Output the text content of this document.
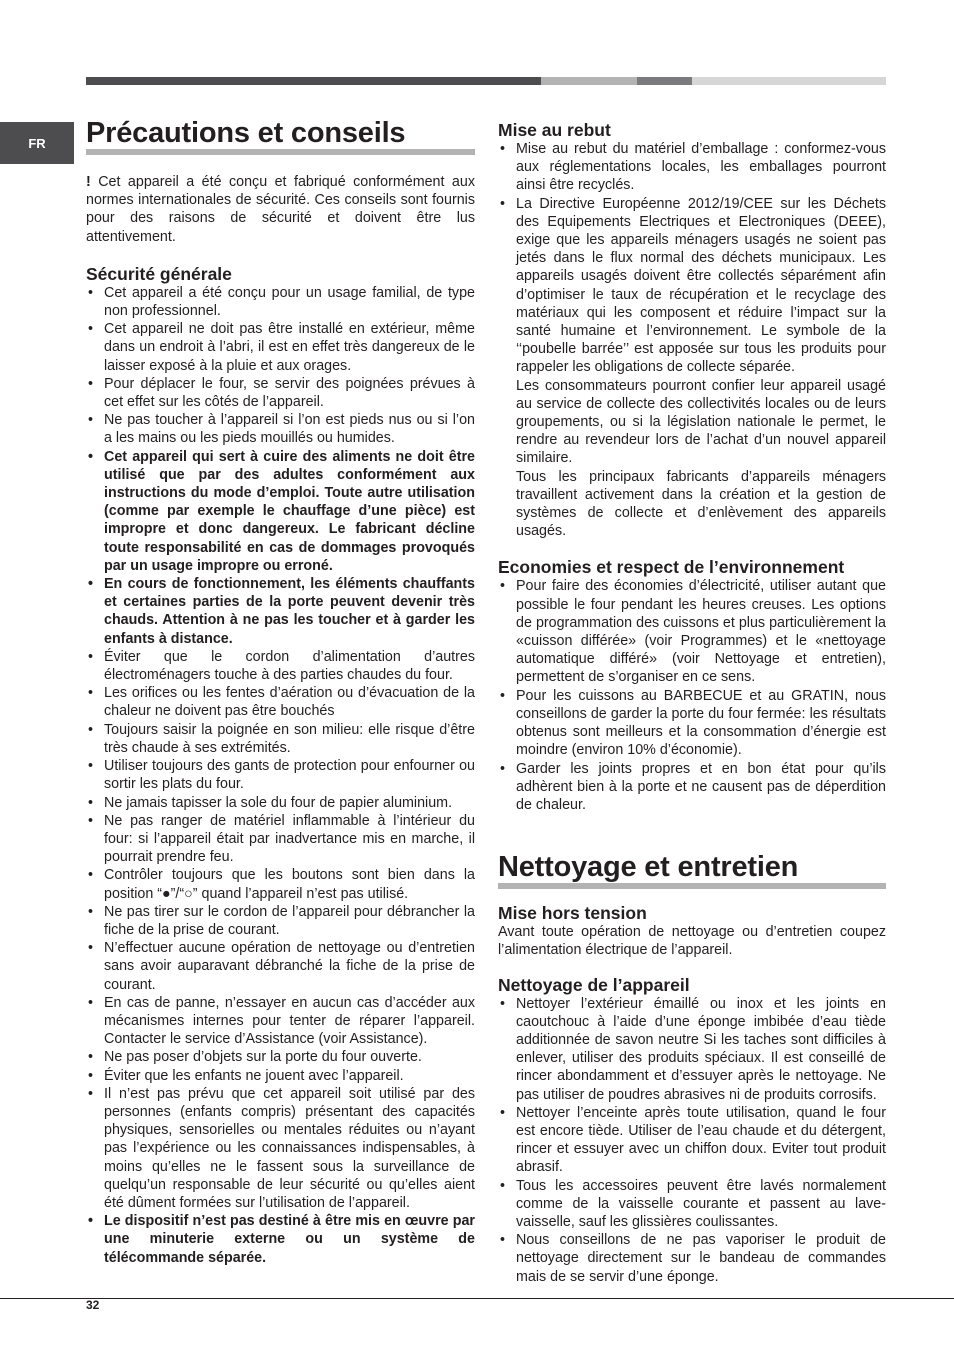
FR	Précautions et conseils

! Cet appareil a été conçu et fabriqué conformément aux normes internationales de sécurité. Ces conseils sont fournis pour des raisons de sécurité et doivent être lus attentivement.

Sécurité générale
• Cet appareil a été conçu pour un usage familial, de type non professionnel.
• Cet appareil ne doit pas être installé en extérieur, même dans un endroit à l’abri, il est en effet très dangereux de le laisser exposé à la pluie et aux orages.
• Pour déplacer le four, se servir des poignées prévues à cet effet sur les côtés de l’appareil.
• Ne pas toucher à l’appareil si l’on est pieds nus ou si l’on a les mains ou les pieds mouillés ou humides.
• Cet appareil qui sert à cuire des aliments ne doit être utilisé que par des adultes conformément aux instructions du mode d’emploi. Toute autre utilisation (comme par exemple le chauffage d’une pièce) est impropre et donc dangereux. Le fabricant décline toute responsabilité en cas de dommages provoqués par un usage impropre ou erroné.
• En cours de fonctionnement, les éléments chauffants et certaines parties de la porte peuvent devenir très chauds. Attention à ne pas les toucher et à garder les enfants à distance.
• Éviter que le cordon d’alimentation d’autres électroménagers touche à des parties chaudes du four.
• Les orifices ou les fentes d’aération ou d’évacuation de la chaleur ne doivent pas être bouchés
• Toujours saisir la poignée en son milieu: elle risque d’être très chaude à ses extrémités.
• Utiliser toujours des gants de protection pour enfourner ou sortir les plats du four.
• Ne jamais tapisser la sole du four de papier aluminium.
• Ne pas ranger de matériel inflammable à l’intérieur du four: si l’appareil était par inadvertance mis en marche, il pourrait prendre feu.
• Contrôler toujours que les boutons sont bien dans la position “●”/“○” quand l’appareil n’est pas utilisé.
• Ne pas tirer sur le cordon de l’appareil pour débrancher la fiche de la prise de courant.
• N’effectuer aucune opération de nettoyage ou d’entretien sans avoir auparavant débranché la fiche de la prise de courant.
• En cas de panne, n’essayer en aucun cas d’accéder aux mécanismes internes pour tenter de réparer l’appareil. Contacter le service d’Assistance (voir Assistance).
• Ne pas poser d’objets sur la porte du four ouverte.
• Éviter que les enfants ne jouent avec l’appareil.
• Il n’est pas prévu que cet appareil soit utilisé par des personnes (enfants compris) présentant des capacités physiques, sensorielles ou mentales réduites ou n’ayant pas l’expérience ou les connaissances indispensables, à moins qu’elles ne le fassent sous la surveillance de quelqu’un responsable de leur sécurité ou qu’elles aient été dûment formées sur l’utilisation de l’appareil.
• Le dispositif n’est pas destiné à être mis en œuvre par une minuterie externe ou un système de télécommande séparée.
Mise au rebut
• Mise au rebut du matériel d’emballage : conformez-vous aux réglementations locales, les emballages pourront ainsi être recyclés.
• La Directive Européenne 2012/19/CEE sur les Déchets des Equipements Electriques et Electroniques (DEEE), exige que les appareils ménagers usagés ne soient pas jetés dans le flux normal des déchets municipaux. Les appareils usagés doivent être collectés séparément afin d’optimiser le taux de récupération et le recyclage des matériaux qui les composent et réduire l’impact sur la santé humaine et l’environnement. Le symbole de la ‘‘poubelle barrée’’ est apposée sur tous les produits pour rappeler les obligations de collecte séparée.

Les consommateurs pourront confier leur appareil usagé au service de collecte des collectivités locales ou de leurs groupements, ou si la législation nationale le permet, le rendre au revendeur lors de l’achat d’un nouvel appareil similaire.

Tous les principaux fabricants d’appareils ménagers travaillent activement dans la création et la gestion de systèmes de collecte et d’enlèvement des appareils usagés.

Economies et respect de l’environnement
• Pour faire des économies d’électricité, utiliser autant que possible le four pendant les heures creuses. Les options de programmation des cuissons et plus particulièrement la «cuisson différée» (voir Programmes) et le «nettoyage automatique différé» (voir Nettoyage et entretien), permettent de s’organiser en ce sens.
• Pour les cuissons au BARBECUE et au GRATIN, nous conseillons de garder la porte du four fermée: les résultats obtenus sont meilleurs et la consommation d’énergie est moindre (environ 10% d’économie).
• Garder les joints propres et en bon état pour qu’ils adhèrent bien à la porte et ne causent pas de déperdition de chaleur.
Nettoyage et entretien
Mise hors tension

Avant toute opération de nettoyage ou d’entretien coupez l’alimentation électrique de l’appareil.

Nettoyage de l’appareil
• Nettoyer l’extérieur émaillé ou inox et les joints en caoutchouc à l’aide d’une éponge imbibée d’eau tiède additionnée de savon neutre Si les taches sont difficiles à enlever, utiliser des produits spéciaux. Il est conseillé de rincer abondamment et d’essuyer après le nettoyage. Ne pas utiliser de poudres abrasives ni de produits corrosifs.
• Nettoyer l’enceinte après toute utilisation, quand le four est encore tiède. Utiliser de l’eau chaude et du détergent, rincer et essuyer avec un chiffon doux. Eviter tout produit abrasif.
• Tous les accessoires peuvent être lavés normalement comme de la vaisselle courante et passent au lave-vaisselle, sauf les glissières coulissantes.
• Nous conseillons de ne pas vaporiser le produit de nettoyage directement sur le bandeau de commandes mais de se servir d’une éponge.
32
